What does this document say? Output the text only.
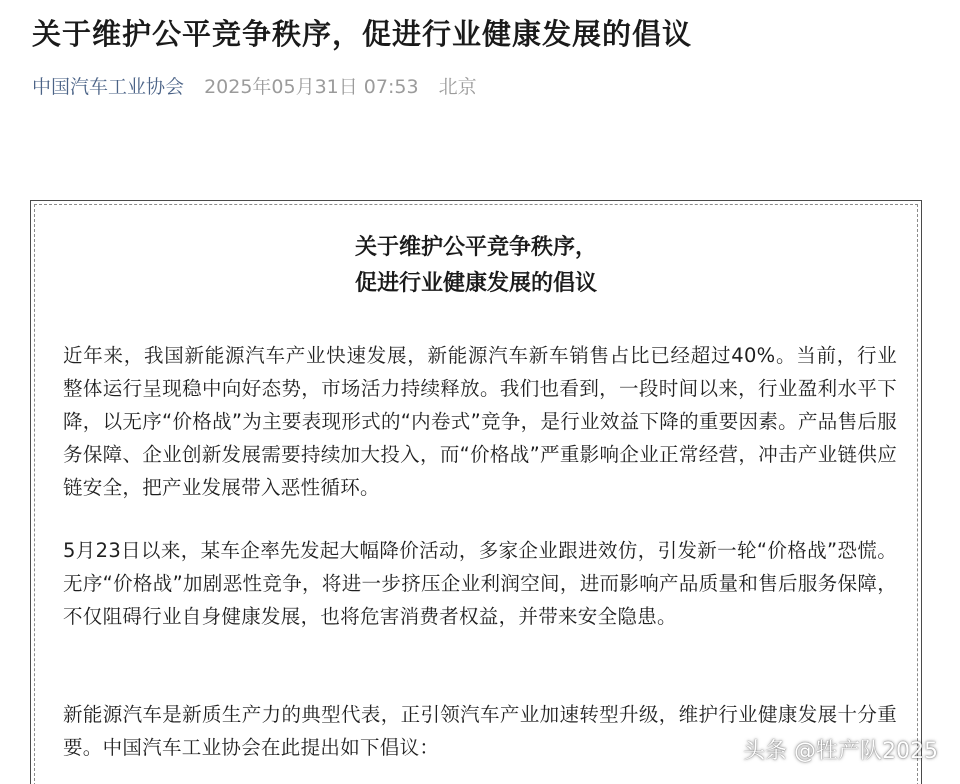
关于维护公平竞争秩序，促进行业健康发展的倡议
中国汽车工业协会 2025年05月31日 07:53 北京
关于维护公平竞争秩序，
促进行业健康发展的倡议

近年来，我国新能源汽车产业快速发展，新能源汽车新车销售占比已经超过40%。当前，行业整体运行呈现稳中向好态势，市场活力持续释放。我们也看到，一段时间以来，行业盈利水平下降，以无序“价格战”为主要表现形式的“内卷式”竞争，是行业效益下降的重要因素。产品售后服务保障、企业创新发展需要持续加大投入，而“价格战”严重影响企业正常经营，冲击产业链供应链安全，把产业发展带入恶性循环。

5月23日以来，某车企率先发起大幅降价活动，多家企业跟进效仿，引发新一轮“价格战”恐慌。无序“价格战”加剧恶性竞争，将进一步挤压企业利润空间，进而影响产品质量和售后服务保障，不仅阻碍行业自身健康发展，也将危害消费者权益，并带来安全隐患。

新能源汽车是新质生产力的典型代表，正引领汽车产业加速转型升级，维护行业健康发展十分重要。中国汽车工业协会在此提出如下倡议：	头条 @牲产队2025
